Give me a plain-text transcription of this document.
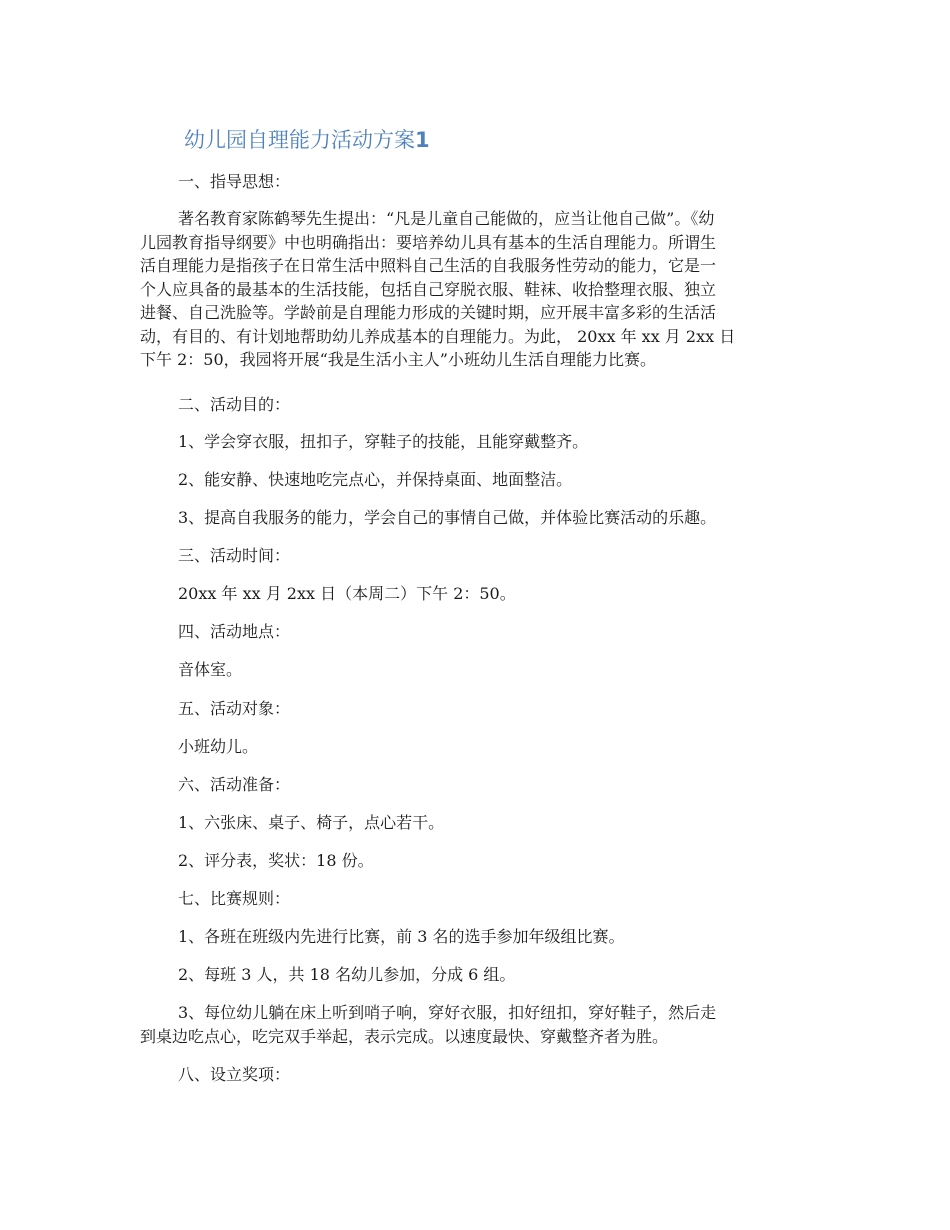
幼儿园自理能力活动方案1
一、指导思想：
著名教育家陈鹤琴先生提出：“凡是儿童自己能做的，应当让他自己做”。《幼
儿园教育指导纲要》中也明确指出：要培养幼儿具有基本的生活自理能力。所谓生
活自理能力是指孩子在日常生活中照料自己生活的自我服务性劳动的能力，它是一
个人应具备的最基本的生活技能，包括自己穿脱衣服、鞋袜、收拾整理衣服、独立
进餐、自己洗脸等。学龄前是自理能力形成的关键时期，应开展丰富多彩的生活活
动，有目的、有计划地帮助幼儿养成基本的自理能力。为此， 20xx 年 xx 月 2xx 日
下午 2：50，我园将开展“我是生活小主人”小班幼儿生活自理能力比赛。
二、活动目的：
1、学会穿衣服，扭扣子，穿鞋子的技能，且能穿戴整齐。
2、能安静、快速地吃完点心，并保持桌面、地面整洁。
3、提高自我服务的能力，学会自己的事情自己做，并体验比赛活动的乐趣。
三、活动时间：
20xx 年 xx 月 2xx 日（本周二）下午 2：50。
四、活动地点：
音体室。
五、活动对象：
小班幼儿。
六、活动准备：
1、六张床、桌子、椅子，点心若干。
2、评分表，奖状：18 份。
七、比赛规则：
1、各班在班级内先进行比赛，前 3 名的选手参加年级组比赛。
2、每班 3 人，共 18 名幼儿参加，分成 6 组。
3、每位幼儿躺在床上听到哨子响，穿好衣服，扣好纽扣，穿好鞋子，然后走
到桌边吃点心，吃完双手举起，表示完成。以速度最快、穿戴整齐者为胜。
八、设立奖项：
